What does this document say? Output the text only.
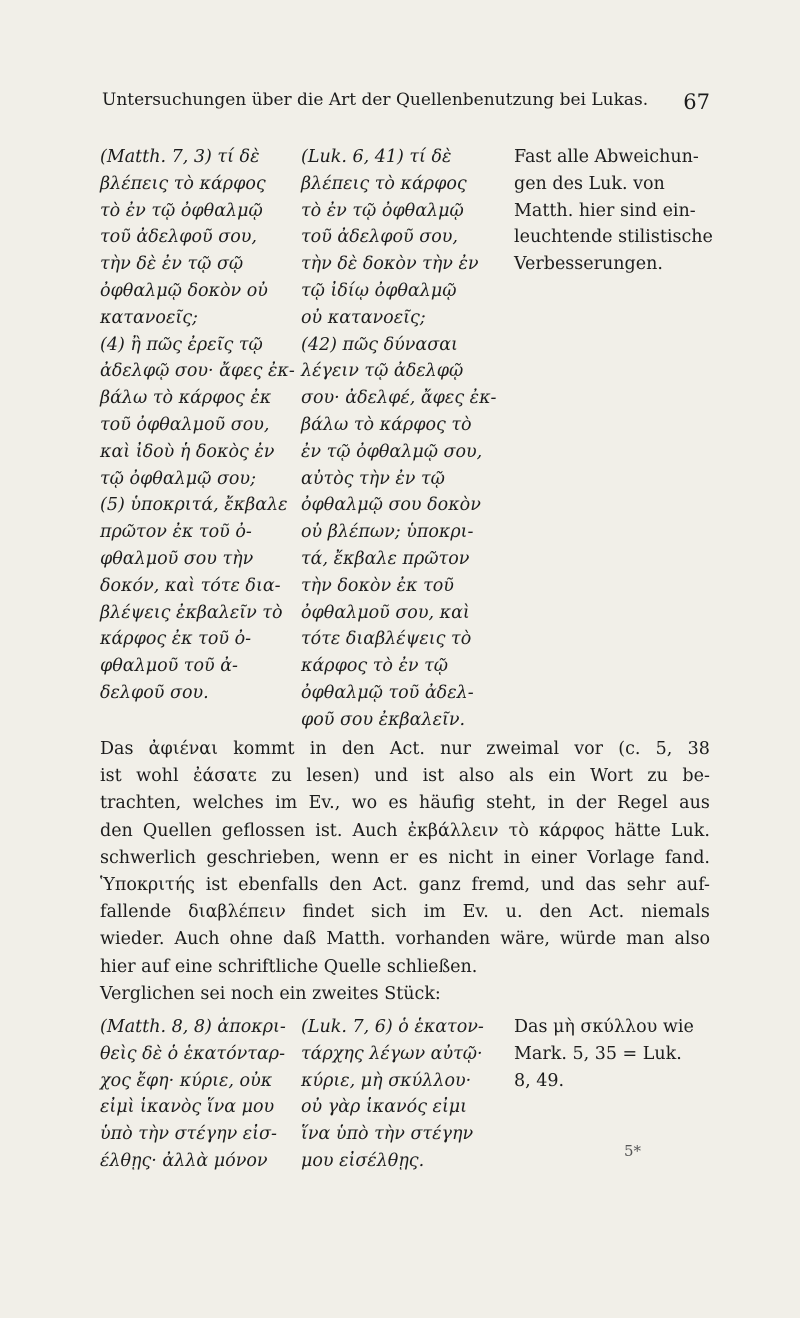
Untersuchungen über die Art der Quellenbenutzung bei Lukas. 67
(Matth. 7, 3) τί δὲ
βλέπεις τὸ κάρφος
τὸ ἐν τῷ ὀφθαλμῷ
τοῦ ἀδελφοῦ σου,
τὴν δὲ ἐν τῷ σῷ
ὀφθαλμῷ δοκὸν οὐ
κατανοεῖς;
(4) ἢ πῶς ἐρεῖς τῷ
ἀδελφῷ σου· ἄφες ἐκ-
βάλω τὸ κάρφος ἐκ
τοῦ ὀφθαλμοῦ σου,
καὶ ἰδοὺ ἡ δοκὸς ἐν
τῷ ὀφθαλμῷ σου;
(5) ὑποκριτά, ἔκβαλε
πρῶτον ἐκ τοῦ ὀ-
φθαλμοῦ σου τὴν
δοκόν, καὶ τότε δια-
βλέψεις ἐκβαλεῖν τὸ
κάρφος ἐκ τοῦ ὀ-
φθαλμοῦ τοῦ ἀ-
δελφοῦ σου.
(Luk. 6, 41) τί δὲ
βλέπεις τὸ κάρφος
τὸ ἐν τῷ ὀφθαλμῷ
τοῦ ἀδελφοῦ σου,
τὴν δὲ δοκὸν τὴν ἐν
τῷ ἰδίῳ ὀφθαλμῷ
οὐ κατανοεῖς;
(42) πῶς δύνασαι
λέγειν τῷ ἀδελφῷ
σου· ἀδελφέ, ἄφες ἐκ-
βάλω τὸ κάρφος τὸ
ἐν τῷ ὀφθαλμῷ σου,
αὐτὸς τὴν ἐν τῷ
ὀφθαλμῷ σου δοκὸν
οὐ βλέπων; ὑποκρι-
τά, ἔκβαλε πρῶτον
τὴν δοκὸν ἐκ τοῦ
ὀφθαλμοῦ σου, καὶ
τότε διαβλέψεις τὸ
κάρφος τὸ ἐν τῷ
ὀφθαλμῷ τοῦ ἀδελ-
φοῦ σου ἐκβαλεῖν.
Fast alle Abweichun-
gen des Luk. von
Matth. hier sind ein-
leuchtende stilistische
Verbesserungen.
Das ἀφιέναι kommt in den Act. nur zweimal vor (c. 5, 38
ist wohl ἐάσατε zu lesen) und ist also als ein Wort zu be-
trachten, welches im Ev., wo es häufig steht, in der Regel aus
den Quellen geflossen ist. Auch ἐκβάλλειν τὸ κάρφος hätte Luk.
schwerlich geschrieben, wenn er es nicht in einer Vorlage fand.
Ὑποκριτής ist ebenfalls den Act. ganz fremd, und das sehr auf-
fallende διαβλέπειν findet sich im Ev. u. den Act. niemals
wieder. Auch ohne daß Matth. vorhanden wäre, würde man also
hier auf eine schriftliche Quelle schließen.
Verglichen sei noch ein zweites Stück:
(Matth. 8, 8) ἀποκρι-
θεὶς δὲ ὁ ἑκατόνταρ-
χος ἔφη· κύριε, οὐκ
εἰμὶ ἱκανὸς ἵνα μου
ὑπὸ τὴν στέγην εἰσ-
έλθῃς· ἀλλὰ μόνον
(Luk. 7, 6) ὁ ἑκατον-
τάρχης λέγων αὐτῷ·
κύριε, μὴ σκύλλου·
οὐ γὰρ ἱκανός εἰμι
ἵνα ὑπὸ τὴν στέγην
μου εἰσέλθῃς.
Das μὴ σκύλλου wie
Mark. 5, 35 = Luk.
8, 49.
5*
